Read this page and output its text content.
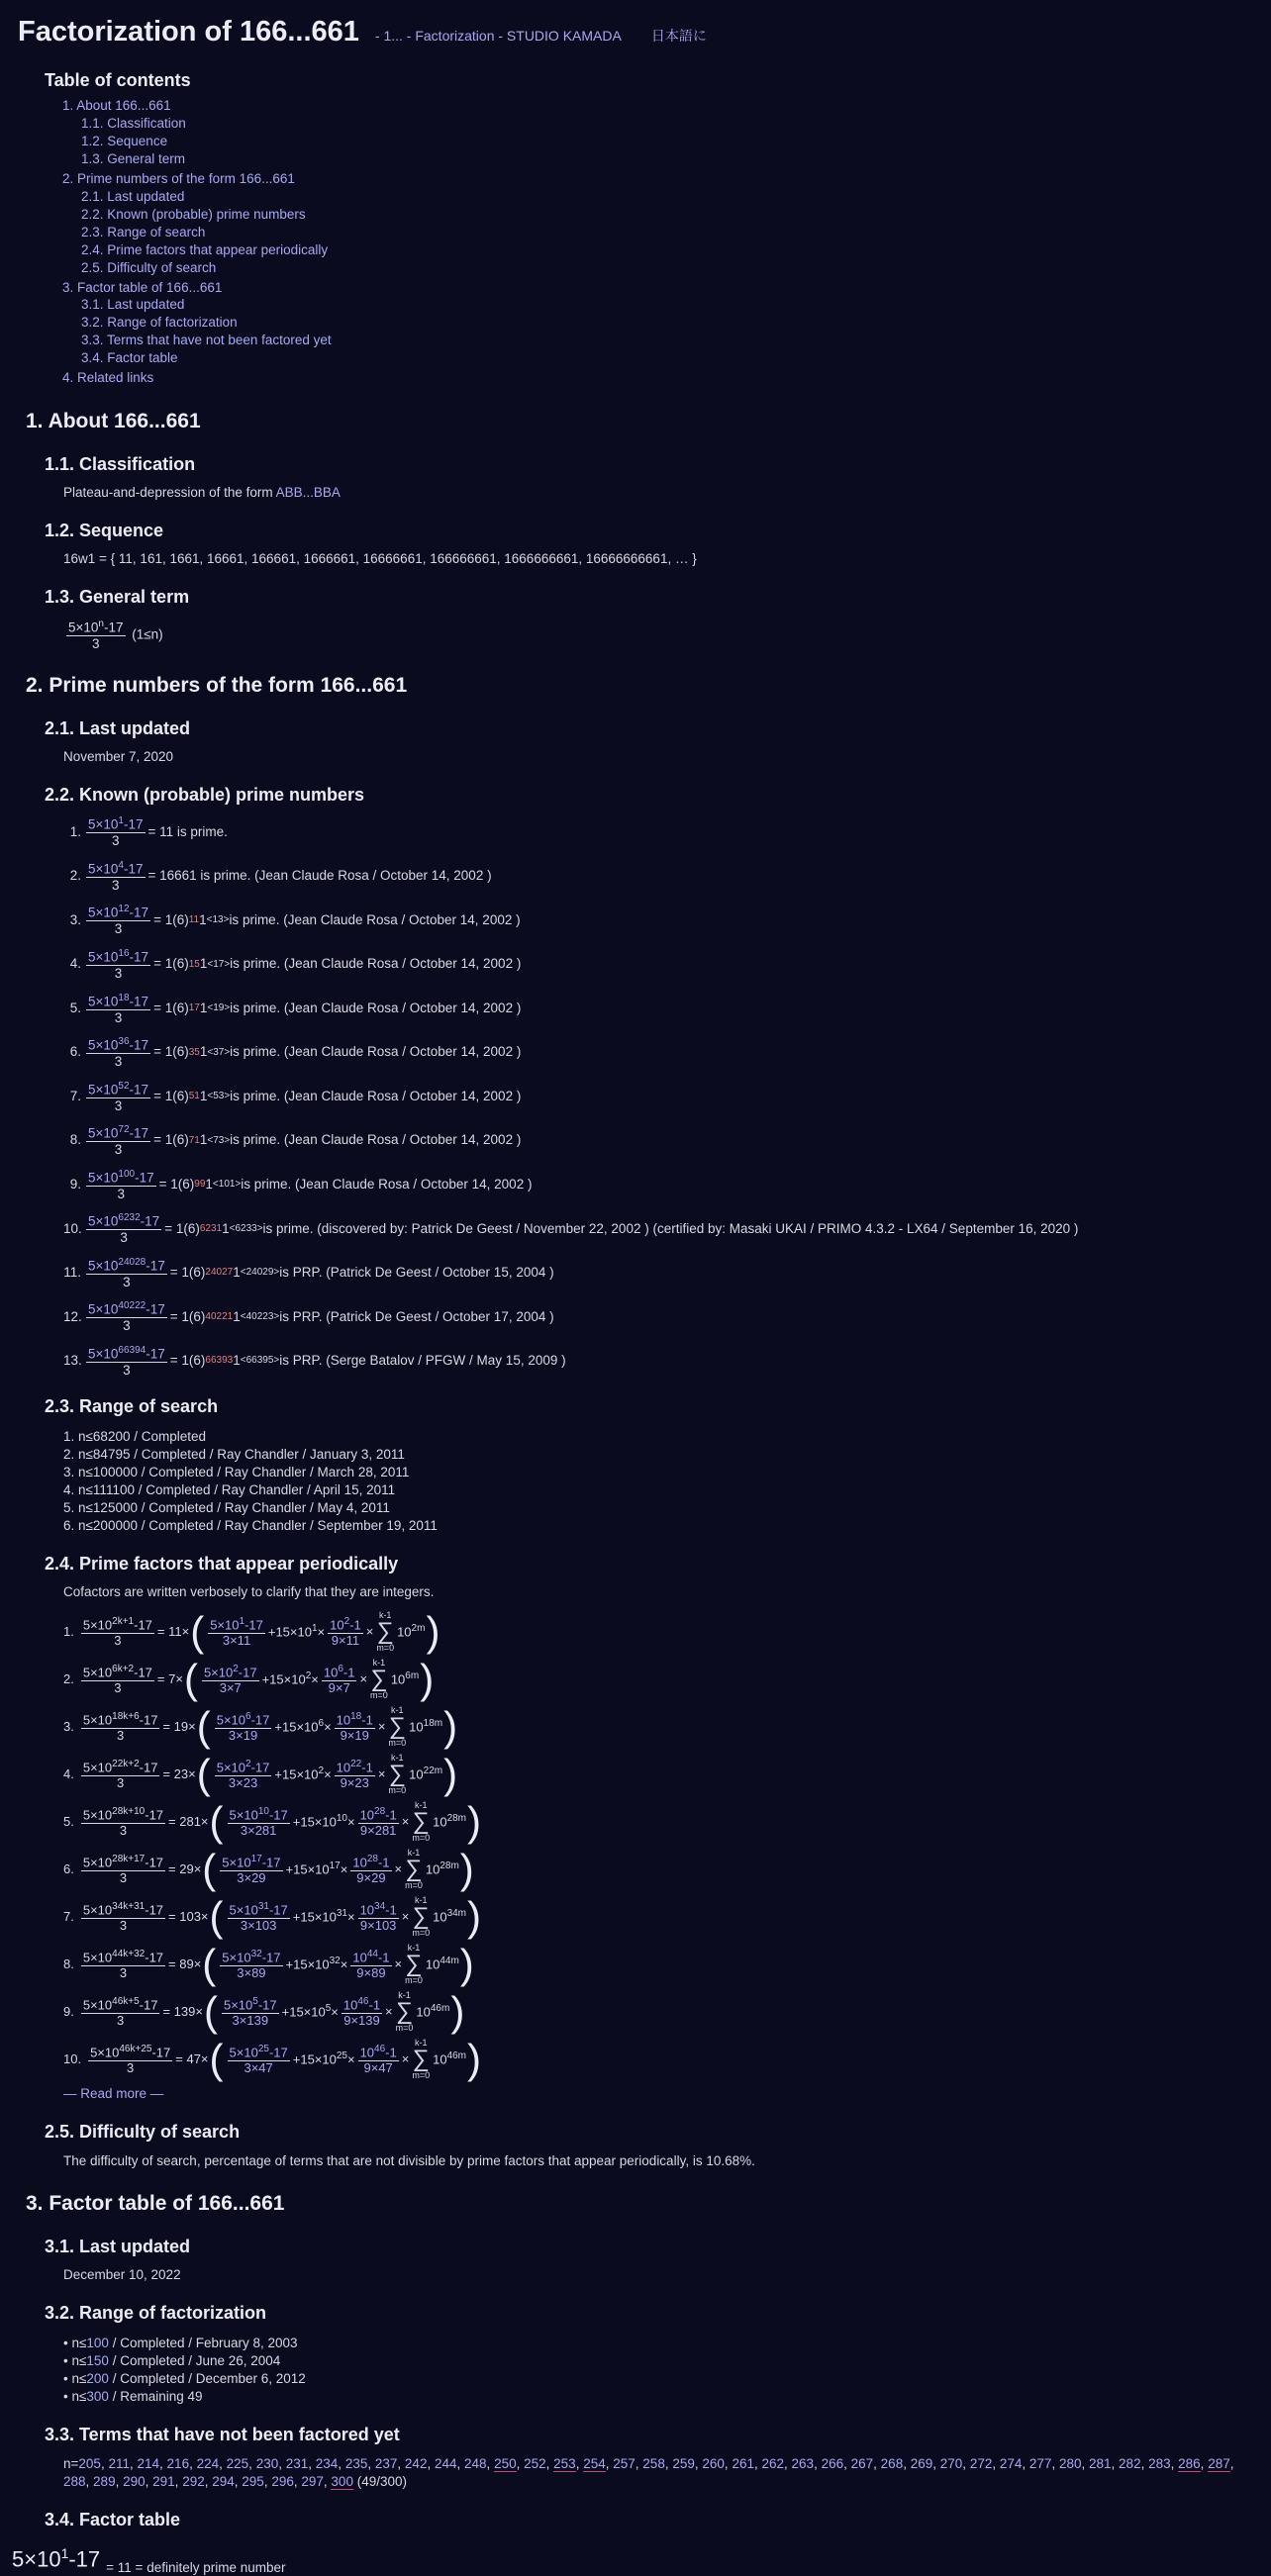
Factorization of 166...661 - 1... - Factorization - STUDIO KAMADA 日本語に
Table of contents
1. About 166...661
1.1. Classification
1.2. Sequence
1.3. General term
2. Prime numbers of the form 166...661
2.1. Last updated
2.2. Known (probable) prime numbers
2.3. Range of search
2.4. Prime factors that appear periodically
2.5. Difficulty of search
3. Factor table of 166...661
3.1. Last updated
3.2. Range of factorization
3.3. Terms that have not been factored yet
3.4. Factor table
4. Related links
1. About 166...661
1.1. Classification
Plateau-and-depression of the form ABB...BBA
1.2. Sequence
16w1 = { 11, 161, 1661, 16661, 166661, 1666661, 16666661, 166666661, 1666666661, 16666666661, … }
1.3. General term
$\frac{5\times 10^n-17}{3} (1\le n)$
2. Prime numbers of the form 166...661
2.1. Last updated
November 7, 2020
2.2. Known (probable) prime numbers
1. $\frac{5\times 10^1-17}{3} = 11$ is prime.
2. $\frac{5\times 10^4-17}{3} = 16661$ is prime. (Jean Claude Rosa / October 14, 2002 )
3. $\frac{5\times 10^{12}-17}{3} = 1(6)$ 11 1 <13> is prime. (Jean Claude Rosa / October 14, 2002 )
4. $\frac{5\times 10^{16}-17}{3} = 1(6)$ 15 1 <17> is prime. (Jean Claude Rosa / October 14, 2002 )
5. $\frac{5\times 10^{18}-17}{3} = 1(6)$ 17 1 <19> is prime. (Jean Claude Rosa / October 14, 2002 )
6. $\frac{5\times 10^{36}-17}{3} = 1(6)$ 35 1 <37> is prime. (Jean Claude Rosa / October 14, 2002 )
7. $\frac{5\times 10^{52}-17}{3} = 1(6)$ 51 1 <53> is prime. (Jean Claude Rosa / October 14, 2002 )
8. $\frac{5\times 10^{72}-17}{3} = 1(6)$ 71 1 <73> is prime. (Jean Claude Rosa / October 14, 2002 )
9. $\frac{5\times 10^{100}-17}{3} = 1(6)$ 99 1 <101> is prime. (Jean Claude Rosa / October 14, 2002 )
10. $\frac{5\times 10^{6232}-17}{3} = 1(6)$ 6231 1 <6233> is prime. (discovered by: Patrick De Geest / November 22, 2002 ) (certified by: Masaki UKAI / PRIMO 4.3.2 - LX64 / September 16, 2020 )
11. $\frac{5\times 10^{24028}-17}{3} = 1(6)$ 24027 1 <24029> is PRP. (Patrick De Geest / October 15, 2004 )
12. $\frac{5\times 10^{40222}-17}{3} = 1(6)$ 40221 1 <40223> is PRP. (Patrick De Geest / October 17, 2004 )
13. $\frac{5\times 10^{66394}-17}{3} = 1(6)$ 66393 1 <66395> is PRP. (Serge Batalov / PFGW / May 15, 2009 )
2.3. Range of search
1. n≤68200 / Completed
2. n≤84795 / Completed / Ray Chandler / January 3, 2011
3. n≤100000 / Completed / Ray Chandler / March 28, 2011
4. n≤111100 / Completed / Ray Chandler / April 15, 2011
5. n≤125000 / Completed / Ray Chandler / May 4, 2011
6. n≤200000 / Completed / Ray Chandler / September 19, 2011
2.4. Prime factors that appear periodically
Cofactors are written verbosely to clarify that they are integers.
1. $\frac{5\times 10^{2k+1}-17}{3} = 11\times$ ( $\frac{5\times 10^1-17}{3\times 11} +15\times 10^1\times \frac{10^2-1}{9\times 11}$ ×
k-1
∑
m=0
$10^{2m}$ )
2. $\frac{5\times 10^{6k+2}-17}{3} = 7\times$ ( $\frac{5\times 10^2-17}{3\times 7} +15\times 10^2\times \frac{10^6-1}{9\times 7}$ ×
k-1
∑
m=0
$10^{6m}$ )
3. $\frac{5\times 10^{18k+6}-17}{3} = 19\times$ ( $\frac{5\times 10^6-17}{3\times 19} +15\times 10^6\times \frac{10^{18}-1}{9\times 19}$ ×
k-1
∑
m=0
$10^{18m}$ )
4. $\frac{5\times 10^{22k+2}-17}{3} = 23\times$ ( $\frac{5\times 10^2-17}{3\times 23} +15\times 10^2\times \frac{10^{22}-1}{9\times 23}$ ×
k-1
∑
m=0
$10^{22m}$ )
5. $\frac{5\times 10^{28k+10}-17}{3} = 281\times$ ( $\frac{5\times 10^{10}-17}{3\times 281} +15\times 10^{10}\times \frac{10^{28}-1}{9\times 281}$ ×
k-1
∑
m=0
$10^{28m}$ )
6. $\frac{5\times 10^{28k+17}-17}{3} = 29\times$ ( $\frac{5\times 10^{17}-17}{3\times 29} +15\times 10^{17}\times \frac{10^{28}-1}{9\times 29}$ ×
k-1
∑
m=0
$10^{28m}$ )
7. $\frac{5\times 10^{34k+31}-17}{3} = 103\times$ ( $\frac{5\times 10^{31}-17}{3\times 103} +15\times 10^{31}\times \frac{10^{34}-1}{9\times 103}$ ×
k-1
∑
m=0
$10^{34m}$ )
8. $\frac{5\times 10^{44k+32}-17}{3} = 89\times$ ( $\frac{5\times 10^{32}-17}{3\times 89} +15\times 10^{32}\times \frac{10^{44}-1}{9\times 89}$ ×
k-1
∑
m=0
$10^{44m}$ )
9. $\frac{5\times 10^{46k+5}-17}{3} = 139\times$ ( $\frac{5\times 10^5-17}{3\times 139} +15\times 10^5\times \frac{10^{46}-1}{9\times 139}$ ×
k-1
∑
m=0
$10^{46m}$ )
10. $\frac{5\times 10^{46k+25}-17}{3} = 47\times$ ( $\frac{5\times 10^{25}-17}{3\times 47} +15\times 10^{25}\times \frac{10^{46}-1}{9\times 47}$ ×
k-1
∑
m=0
$10^{46m}$ )
— Read more —
2.5. Difficulty of search
The difficulty of search, percentage of terms that are not divisible by prime factors that appear periodically, is 10.68%.
3. Factor table of 166...661
3.1. Last updated
December 10, 2022
3.2. Range of factorization
• n≤100 / Completed / February 8, 2003
• n≤150 / Completed / June 26, 2004
• n≤200 / Completed / December 6, 2012
• n≤300 / Remaining 49
3.3. Terms that have not been factored yet
n=205, 211, 214, 216, 224, 225, 230, 231, 234, 235, 237, 242, 244, 248, 250, 252, 253, 254, 257, 258, 259, 260, 261, 262, 263, 266, 267, 268, 269, 270, 272, 274, 277, 280, 281, 282, 283, 286, 287, 288, 289, 290, 291, 292, 294, 295, 296, 297, 300 (49/300)
3.4. Factor table
$5\times 10^1-17 = 11$ = definitely prime number
